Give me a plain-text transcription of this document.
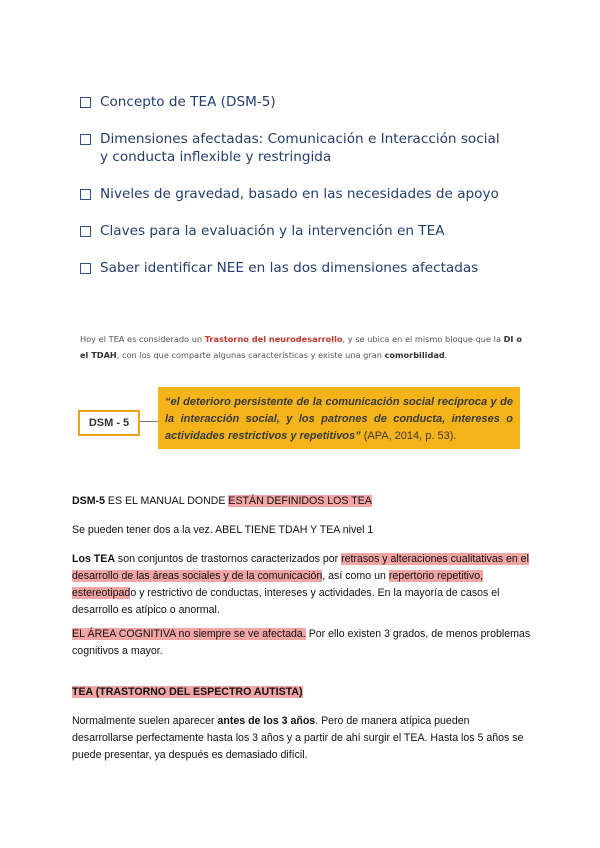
Concepto de TEA (DSM-5)
Dimensiones afectadas: Comunicación e Interacción social
y conducta inflexible y restringida
Niveles de gravedad, basado en las necesidades de apoyo
Claves para la evaluación y la intervención en TEA
Saber identificar NEE en las dos dimensiones afectadas
Hoy el TEA es considerado un Trastorno del neurodesarrollo, y se ubica en el mismo bloque que la DI o el TDAH, con los que comparte algunas características y existe una gran comorbilidad.
DSM - 5
“el deterioro persistente de la comunicación social recíproca y de la interacción social, y los patrones de conducta, intereses o actividades restrictivos y repetitivos” (APA, 2014, p. 53).
DSM-5 ES EL MANUAL DONDE ESTÁN DEFINIDOS LOS TEA
Se pueden tener dos a la vez. ABEL TIENE TDAH Y TEA nivel 1
Los TEA son conjuntos de trastornos caracterizados por retrasos y alteraciones cualitativas en el desarrollo de las áreas sociales y de la comunicación, así como un repertorio repetitivo, estereotipado y restrictivo de conductas, intereses y actividades. En la mayoría de casos el desarrollo es atípico o anormal.
EL ÁREA COGNITIVA no siempre se ve afectada. Por ello existen 3 grados, de menos problemas cognitivos a mayor.
TEA (TRASTORNO DEL ESPECTRO AUTISTA)
Normalmente suelen aparecer antes de los 3 años. Pero de manera atípica pueden desarrollarse perfectamente hasta los 3 años y a partir de ahí surgir el TEA. Hasta los 5 años se puede presentar, ya después es demasiado difícil.
